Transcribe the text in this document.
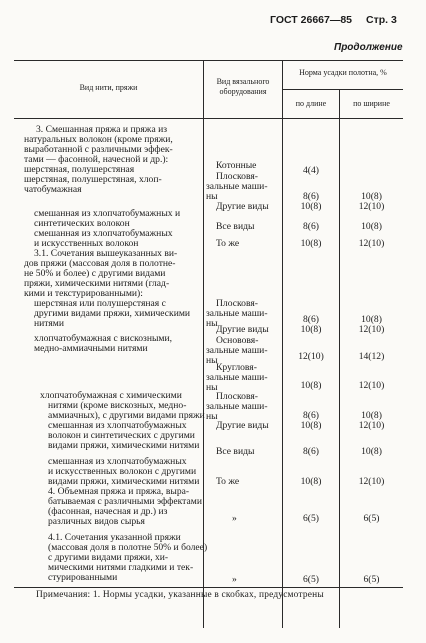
ГОСТ 26667—85 Стр. 3
Продолжение
Вид нити, пряжи
Вид вязального
оборудования
Норма усадки полотна, %
по длине	по ширине
3. Смешанная пряжа и пряжа из
натуральных волокон (кроме пряжи,
выработанной с различными эффек-
тами — фасонной, начесной и др.):
шерстяная, полушерстяная
шерстяная, полушерстяная, хлоп-
чатобумажная
смешанная из хлопчатобумажных и
синтетических волокон
смешанная из хлопчатобумажных
и искусственных волокон
3.1. Сочетания вышеуказанных ви-
дов пряжи (массовая доля в полотне-
не 50% и более) с другими видами
пряжи, химическими нитями (глад-
кими и текстурированными):
шерстяная или полушерстяная с
другими видами пряжи, химическими
нитями
хлопчатобумажная с вискозными,
медно-аммиачными нитями
хлопчатобумажная с химическими
нитями (кроме вискозных, медно-
аммиачных), с другими видами пряжи
смешанная из хлопчатобумажных
волокон и синтетических с другими
видами пряжи, химическими нитями
смешанная из хлопчатобумажных
и искусственных волокон с другими
видами пряжи, химическими нитями
4. Объемная пряжа и пряжа, выра-
батываемая с различными эффектами
(фасонная, начесная и др.) из
различных видов сырья
4.1. Сочетания указанной пряжи
(массовая доля в полотне 50% и более)
с другими видами пряжи, хи-
мическими нитями гладкими и тек-
стурированными
Котонные
Плосковя-
зальные маши-
ны
Другие виды
Все виды
То же
Плосковя-
зальные маши-
ны
Другие виды
Основовя-
зальные маши-
ны
Кругловя-
зальные маши-
ны
Плосковя-
зальные маши-
ны
Другие виды
Все виды
То же
»
»
4(4)
8(6)
10(8)
8(6)
10(8)
8(6)
10(8)
12(10)
10(8)
8(6)
10(8)
8(6)
10(8)
6(5)
6(5)
10(8)
12(10)
10(8)
12(10)
10(8)
12(10)
14(12)
12(10)
10(8)
12(10)
10(8)
12(10)
6(5)
6(5)
Примечания: 1. Нормы усадки, указанные в скобках, предусмотрены
